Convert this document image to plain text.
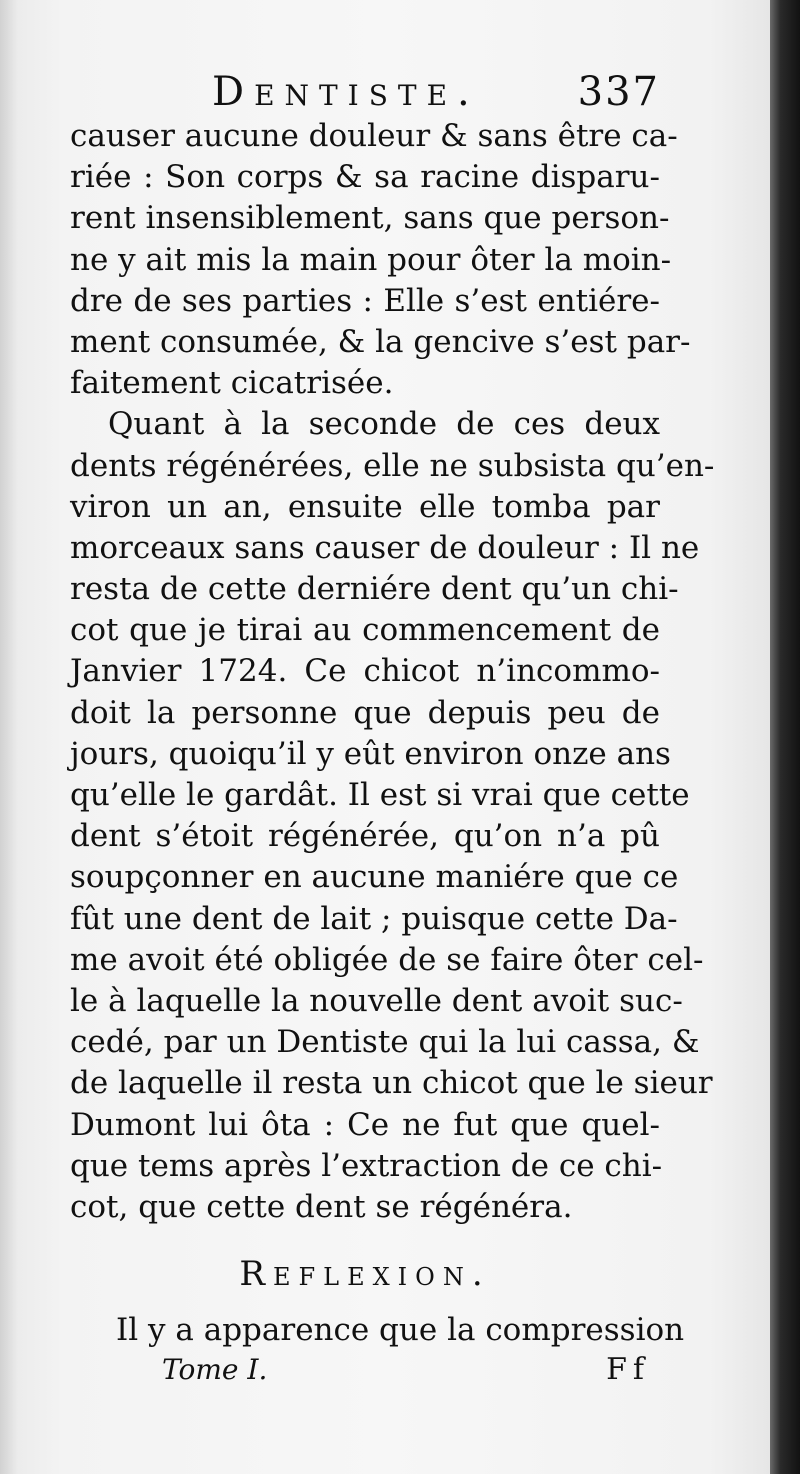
Dentiste. 337
causer aucune douleur & sans être ca-
riée : Son corps & sa racine disparu-
rent insensiblement, sans que person-
ne y ait mis la main pour ôter la moin-
dre de ses parties : Elle s’est entiére-
ment consumée, & la gencive s’est par-
faitement cicatrisée.
Quant à la seconde de ces deux
dents régénérées, elle ne subsista qu’en-
viron un an, ensuite elle tomba par
morceaux sans causer de douleur : Il ne
resta de cette derniére dent qu’un chi-
cot que je tirai au commencement de
Janvier 1724. Ce chicot n’incommo-
doit la personne que depuis peu de
jours, quoiqu’il y eût environ onze ans
qu’elle le gardât. Il est si vrai que cette
dent s’étoit régénérée, qu’on n’a pû
soupçonner en aucune maniére que ce
fût une dent de lait ; puisque cette Da-
me avoit été obligée de se faire ôter cel-
le à laquelle la nouvelle dent avoit suc-
cedé, par un Dentiste qui la lui cassa, &
de laquelle il resta un chicot que le sieur
Dumont lui ôta : Ce ne fut que quel-
que tems après l’extraction de ce chi-
cot, que cette dent se régénéra.
Reflexion.
Il y a apparence que la compression
Tome I.	Ff
